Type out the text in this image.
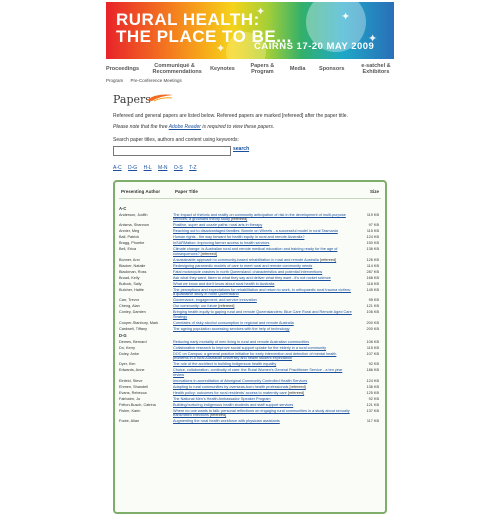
✦	✦
✦
✦
RURAL HEALTH:
THE PLACE TO BE...
CAIRNS 17-20 MAY 2009
Proceedings	Communiqué & Recommendations Keynotes	Papers & Program	Media Sponsors	e-satchel & Exhibitors
Program Pre-Conference Meetings
Papers
Refereed and general papers are listed below. Refereed papers are marked [refereed] after the paper title.
Please note that the free Adobe Reader is required to view these papers.
Search paper titles, authors and content using keywords:
search
A-C D-G H-L M-N O-S T-Z
Presenting Author	Paper Title	Size
A-C
Anderson, Judith	The impact of rhetoric and reality on community anticipation of risk in the development of multi-purpose services: a grounded theory study [refereed]
119 KB
Anisma, Shannon	Positive, super and cozzie paths: rural arts in therapy	97 KB
Annier, Meg	Reaching out to disadvantaged families: Bonnie on Wheels - a successful model in rural Tasmania	115 KB
Ball, Patrick	Human rights - the way forward for health equity in rural and remote Australia?	124 KB
Bragg, Phoebe	InSARMation: improving farmer access to health services	150 KB
Bell, Erica	Climate change: is Australian rural and remote medical education and training ready for the age of consequences? [refereed]
136 KB
Bonner, Ann	A sustainable approach to community-based rehabilitation in rural and remote Australia [refereed]	126 KB
Blacker, Natalie	Redesigning paramedic models of care to meet rural and remote community needs	114 KB
Blackman, Ross	Fatal motorcycle crashes in north Queensland: characteristics and potential interventions	287 KB
Broad, Kelly	Ask what they want, listen to what they say and deliver what they want - it's not rocket science	168 KB
Bullock, Sally	What we know and don't know about rural health in Australia	118 KB
Butcher, Hattie	The perceptions and expectations for rehabilitation and return to work, in orthopaedic rural trauma victims: a qualitative study in north Queensland
145 KB
Carr, Trevor	Governance, engagement, and service innovation	95 KB
Cheng, Alan	Our community: our future [refereed]	121 KB
Conley, Damien	Bringing health equity to gaping rural and remote Queenslanders: Blue Care Rural and Remote Aged Care Strategy
106 KB
Cooper-Stanbury, Mark	Correlates of risky alcohol consumption in regional and remote Australia	200 KB
Cardwell, Tiffany	The ageing population accessing services with the help of technology	200 KB
D-G
Demes, Bernard	Reducing early mortality of men living in rural and remote Australian communities	106 KB
Do, Kerry	Collaborative research to improve social support uptake for the elderly in a rural community	115 KB
Doley, Anke	DOC on Campus: a general practice initiative for early intervention and detection of mental health problems in a rural Australian university and health student expectation
107 KB
Dyer, Kim	The role of the architect in building Indigenous health equality	92 KB
Edwards, Anne	Choice, collaboration, continuity of care: the Rural Women's General Practitioner Service - a ten year review
186 KB
Einfeld, Steve	Innovations in accreditation of Aboriginal Community Controlled Health Services	124 KB
Ehmen, Shandell	Adapting to rural communities by overseas-born health professionals [refereed]	136 KB
Evans, Rebecca	Health policy: outcomes for rural residents' access to maternity care [refereed]	125 KB
Fairbairn, Jo	The National Men's Health Ambassador Speaker Program	92 KB
Felton-Busch, Catrina	Building/nurturing Indigenous health students and staff support services	121 KB
Fisher, Karin	Where no one wants to talk: personal reflections on engaging rural communities in a study about sexually transmitted infections [refereed]
137 KB
Foote, Allan	Augmenting the rural health workforce with physician assistants	117 KB
